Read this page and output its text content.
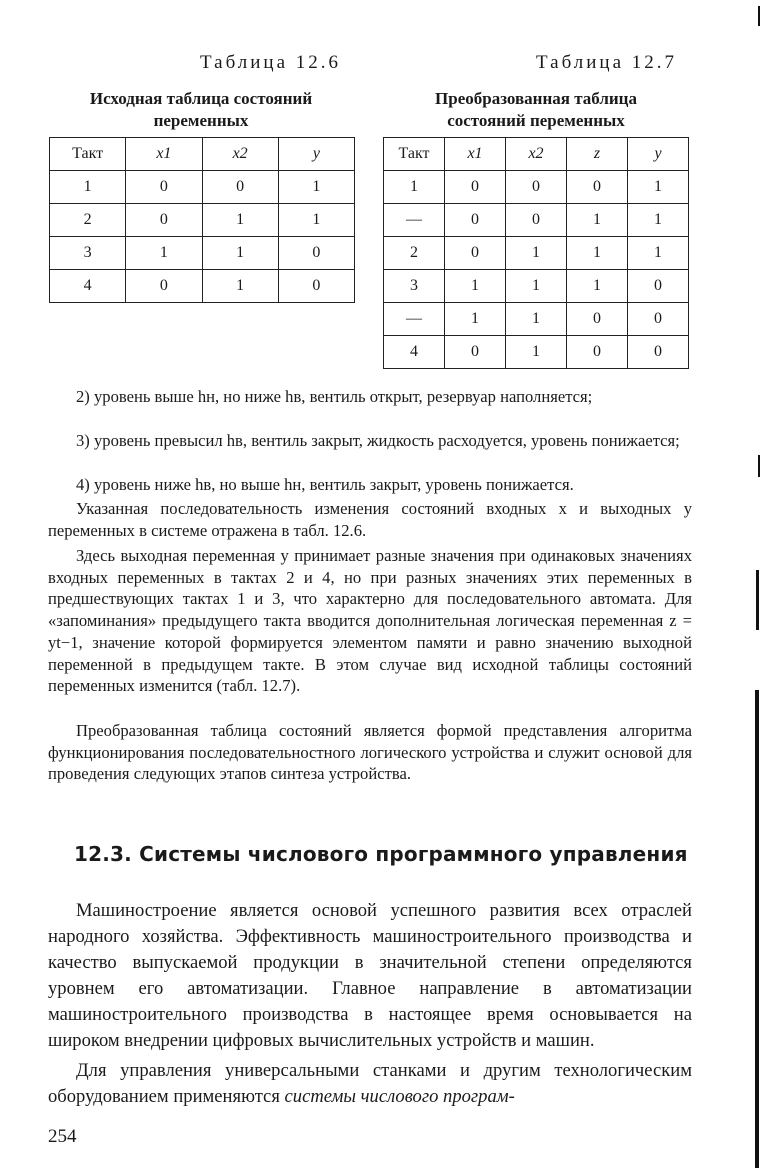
Таблица 12.6	Таблица 12.7
Исходная таблица состояний
переменных
Преобразованная таблица
состояний переменных
Такт	x1	x2	y
1	0	0	1
2	0	1	1
3	1	1	0
4	0	1	0
Такт	x1	x2	z	y
1	0	0	0	1
—	0	0	1	1
2	0	1	1	1
3	1	1	1	0
—	1	1	0	0
4	0	1	0	0
2) уровень выше hн, но ниже hв, вентиль открыт, резервуар наполняется;
3) уровень превысил hв, вентиль закрыт, жидкость расходуется, уровень понижается;
4) уровень ниже hв, но выше hн, вентиль закрыт, уровень понижается.
Указанная последовательность изменения состояний входных x и выходных y переменных в системе отражена в табл. 12.6.
Здесь выходная переменная y принимает разные значения при одинаковых значениях входных переменных в тактах 2 и 4, но при разных значениях этих переменных в предшествующих тактах 1 и 3, что характерно для последовательного автомата. Для «запоминания» предыдущего такта вводится дополнительная логическая переменная z = yt−1, значение которой формируется элементом памяти и равно значению выходной переменной в предыдущем такте. В этом случае вид исходной таблицы состояний переменных изменится (табл. 12.7).
Преобразованная таблица состояний является формой представления алгоритма функционирования последовательностного логического устройства и служит основой для проведения следующих этапов синтеза устройства.
12.3. Системы числового программного управления
Машиностроение является основой успешного развития всех отраслей народного хозяйства. Эффективность машиностроительного производства и качество выпускаемой продукции в значительной степени определяются уровнем его автоматизации. Главное направление в автоматизации машиностроительного производства в настоящее время основывается на широком внедрении цифровых вычислительных устройств и машин.
Для управления универсальными станками и другим технологическим оборудованием применяются системы числового програм-
254
